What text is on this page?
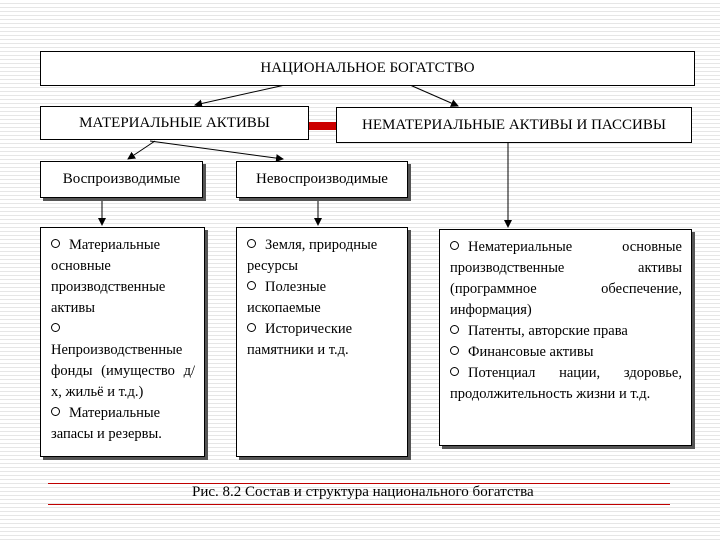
НАЦИОНАЛЬНОЕ БОГАТСТВО
МАТЕРИАЛЬНЫЕ АКТИВЫ	НЕМАТЕРИАЛЬНЫЕ АКТИВЫ И ПАССИВЫ
Воспроизводимые	Невоспроизводимые

Материальные основные производственные активы

Непроизводственные фонды (имущество д/х, жильё и т.д.)

Материальные запасы и резервы.

Земля, природные ресурсы

Полезные ископаемые

Исторические памятники и т.д.

Нематериальные основные производственные активы (программное обеспечение, информация)

Патенты, авторские права

Финансовые активы

Потенциал нации, здоровье, продолжительность жизни и т.д.

Рис. 8.2 Состав и структура национального богатства
